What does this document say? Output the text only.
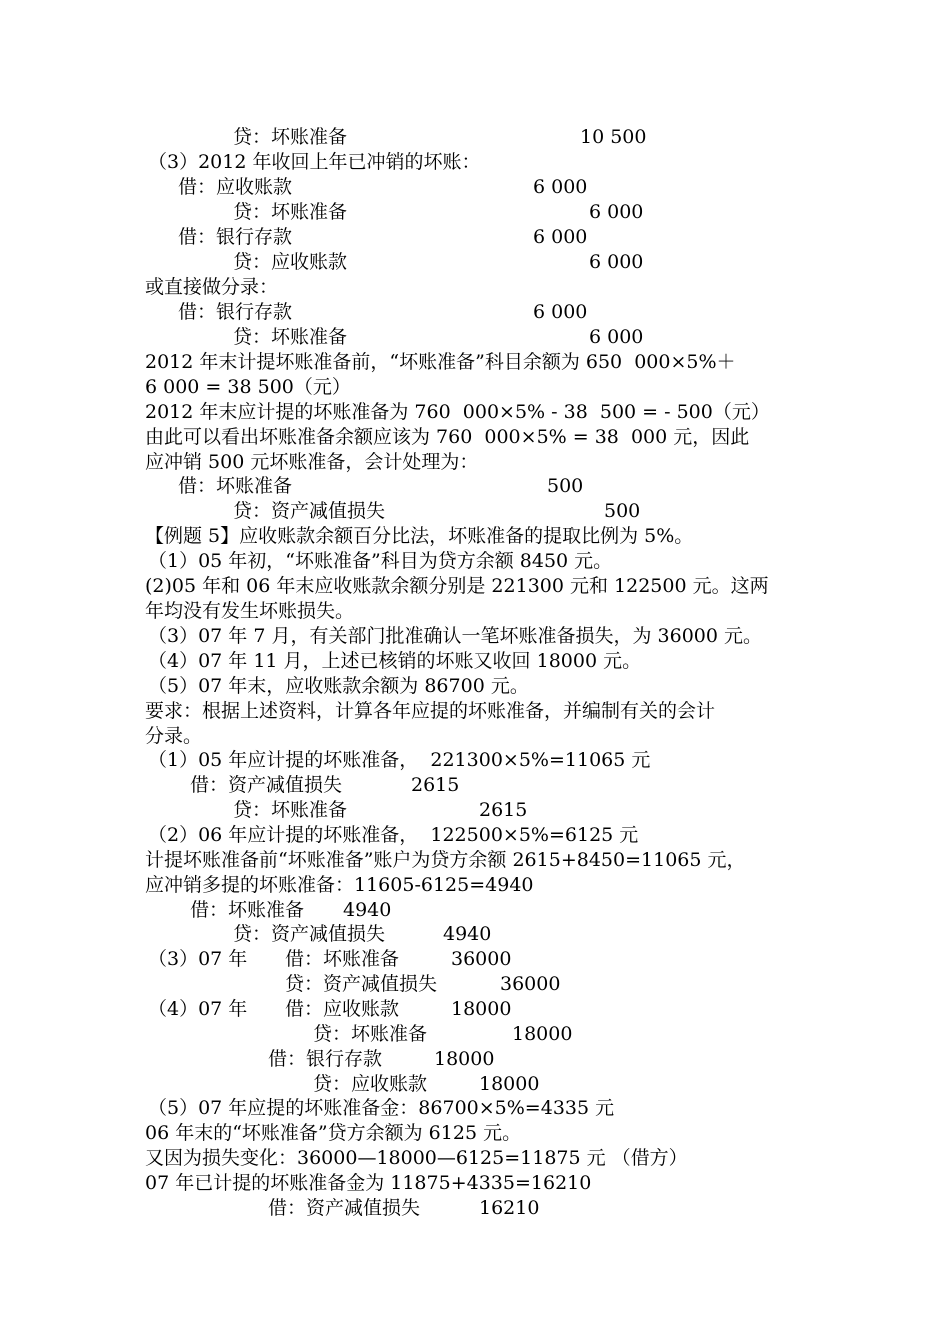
贷：坏账准备	10 500
（3）2012 年收回上年已冲销的坏账：
借：应收账款	6 000
贷：坏账准备	6 000
借：银行存款	6 000
贷：应收账款	6 000
或直接做分录：
借：银行存款	6 000
贷：坏账准备	6 000
2012 年末计提坏账准备前，“坏账准备”科目余额为 650  000×5%＋
6 000 = 38 500（元）
2012 年末应计提的坏账准备为 760  000×5% - 38  500 = - 500（元）
由此可以看出坏账准备余额应该为 760  000×5% = 38  000 元，因此
应冲销 500 元坏账准备，会计处理为：
借：坏账准备	500
贷：资产减值损失	500
【例题 5】应收账款余额百分比法，坏账准备的提取比例为 5%。
（1）05 年初，“坏账准备”科目为贷方余额 8450 元。
(2)05 年和 06 年末应收账款余额分别是 221300 元和 122500 元。这两
年均没有发生坏账损失。
（3）07 年 7 月，有关部门批准确认一笔坏账准备损失，为 36000 元。
（4）07 年 11 月，上述已核销的坏账又收回 18000 元。
（5）07 年末，应收账款余额为 86700 元。
要求：根据上述资料，计算各年应提的坏账准备，并编制有关的会计
分录。
（1）05 年应计提的坏账准备，  221300×5%=11065 元
借：资产减值损失	2615
贷：坏账准备	2615
（2）06 年应计提的坏账准备，  122500×5%=6125 元
计提坏账准备前“坏账准备”账户为贷方余额 2615+8450=11065 元，
应冲销多提的坏账准备：11605-6125=4940
借：坏账准备 4940
贷：资产减值损失	4940
（3）07 年 借：坏账准备	36000
贷：资产减值损失	36000
（4）07 年 借：应收账款	18000
贷：坏账准备	18000
借：银行存款	18000
贷：应收账款	18000
（5）07 年应提的坏账准备金：86700×5%=4335 元
06 年末的“坏账准备”贷方余额为 6125 元。
又因为损失变化：36000—18000—6125=11875 元 （借方）
07 年已计提的坏账准备金为 11875+4335=16210
借：资产减值损失	16210
